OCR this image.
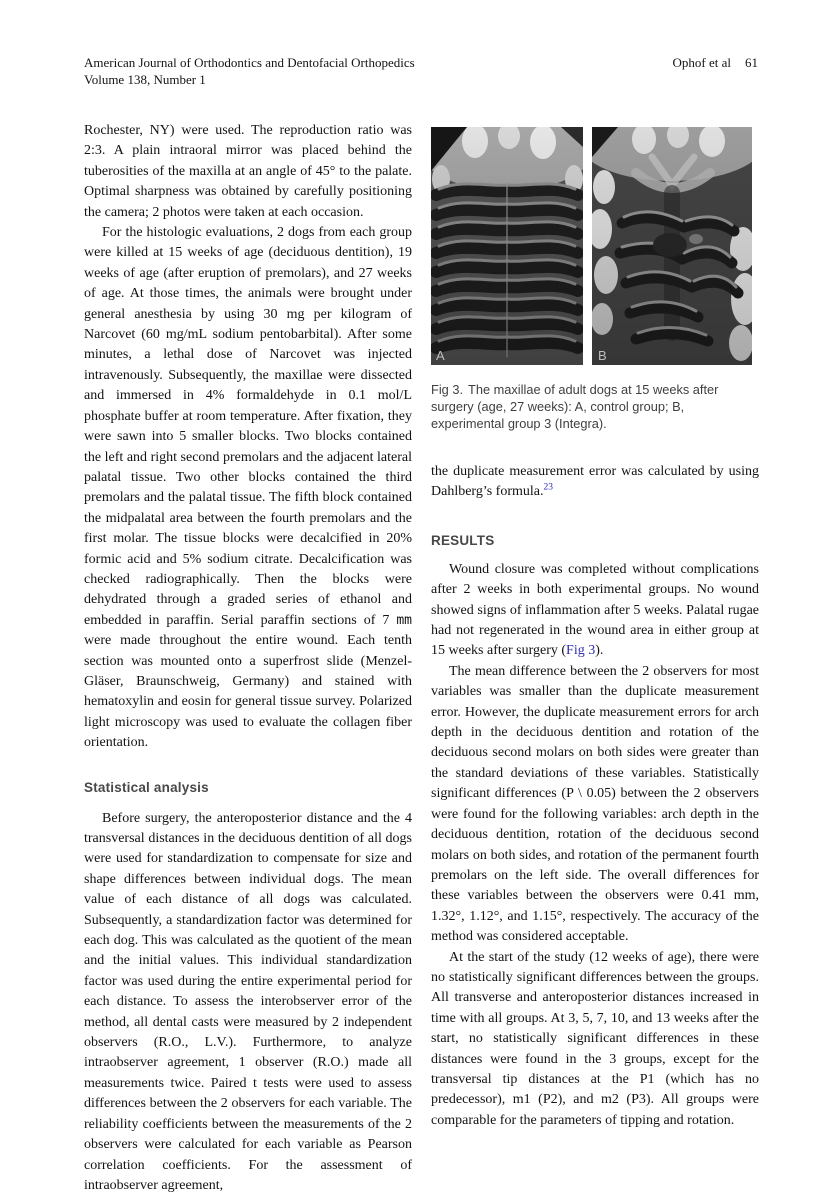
American Journal of Orthodontics and Dentofacial Orthopedics
Volume 138, Number 1
Ophof et al 61

Rochester, NY) were used. The reproduction ratio was 2:3. A plain intraoral mirror was placed behind the tuberosities of the maxilla at an angle of 45° to the palate. Optimal sharpness was obtained by carefully positioning the camera; 2 photos were taken at each occasion.

For the histologic evaluations, 2 dogs from each group were killed at 15 weeks of age (deciduous dentition), 19 weeks of age (after eruption of premolars), and 27 weeks of age. At those times, the animals were brought under general anesthesia by using 30 mg per kilogram of Narcovet (60 mg/mL sodium pentobarbital). After some minutes, a lethal dose of Narcovet was injected intravenously. Subsequently, the maxillae were dissected and immersed in 4% formaldehyde in 0.1 mol/L phosphate buffer at room temperature. After fixation, they were sawn into 5 smaller blocks. Two blocks contained the left and right second premolars and the adjacent lateral palatal tissue. Two other blocks contained the third premolars and the palatal tissue. The fifth block contained the midpalatal area between the fourth premolars and the first molar. The tissue blocks were decalcified in 20% formic acid and 5% sodium citrate. Decalcification was checked radiographically. Then the blocks were dehydrated through a graded series of ethanol and embedded in paraffin. Serial paraffin sections of 7 mm were made throughout the entire wound. Each tenth section was mounted onto a superfrost slide (Menzel-Gläser, Braunschweig, Germany) and stained with hematoxylin and eosin for general tissue survey. Polarized light microscopy was used to evaluate the collagen fiber orientation.

Statistical analysis

Before surgery, the anteroposterior distance and the 4 transversal distances in the deciduous dentition of all dogs were used for standardization to compensate for size and shape differences between individual dogs. The mean value of each distance of all dogs was calculated. Subsequently, a standardization factor was determined for each dog. This was calculated as the quotient of the mean and the initial values. This individual standardization factor was used during the entire experimental period for each distance. To assess the interobserver error of the method, all dental casts were measured by 2 independent observers (R.O., L.V.). Furthermore, to analyze intraobserver agreement, 1 observer (R.O.) made all measurements twice. Paired t tests were used to assess differences between the 2 observers for each variable. The reliability coefficients between the measurements of the 2 observers were calculated for each variable as Pearson correlation coefficients. For the assessment of intraobserver agreement,

A	B

Fig 3. The maxillae of adult dogs at 15 weeks after surgery (age, 27 weeks): A, control group; B, experimental group 3 (Integra).

the duplicate measurement error was calculated by using Dahlberg’s formula.$^{23}$

RESULTS

Wound closure was completed without complications after 2 weeks in both experimental groups. No wound showed signs of inflammation after 5 weeks. Palatal rugae had not regenerated in the wound area in either group at 15 weeks after surgery (Fig 3).

The mean difference between the 2 observers for most variables was smaller than the duplicate measurement error. However, the duplicate measurement errors for arch depth in the deciduous dentition and rotation of the deciduous second molars on both sides were greater than the standard deviations of these variables. Statistically significant differences (P \ 0.05) between the 2 observers were found for the following variables: arch depth in the deciduous dentition, rotation of the deciduous second molars on both sides, and rotation of the permanent fourth premolars on the left side. The overall differences for these variables between the observers were 0.41 mm, 1.32°, 1.12°, and 1.15°, respectively. The accuracy of the method was considered acceptable.

At the start of the study (12 weeks of age), there were no statistically significant differences between the groups. All transverse and anteroposterior distances increased in time with all groups. At 3, 5, 7, 10, and 13 weeks after the start, no statistically significant differences in these distances were found in the 3 groups, except for the transversal tip distances at the P1 (which has no predecessor), m1 (P2), and m2 (P3). All groups were comparable for the parameters of tipping and rotation.
